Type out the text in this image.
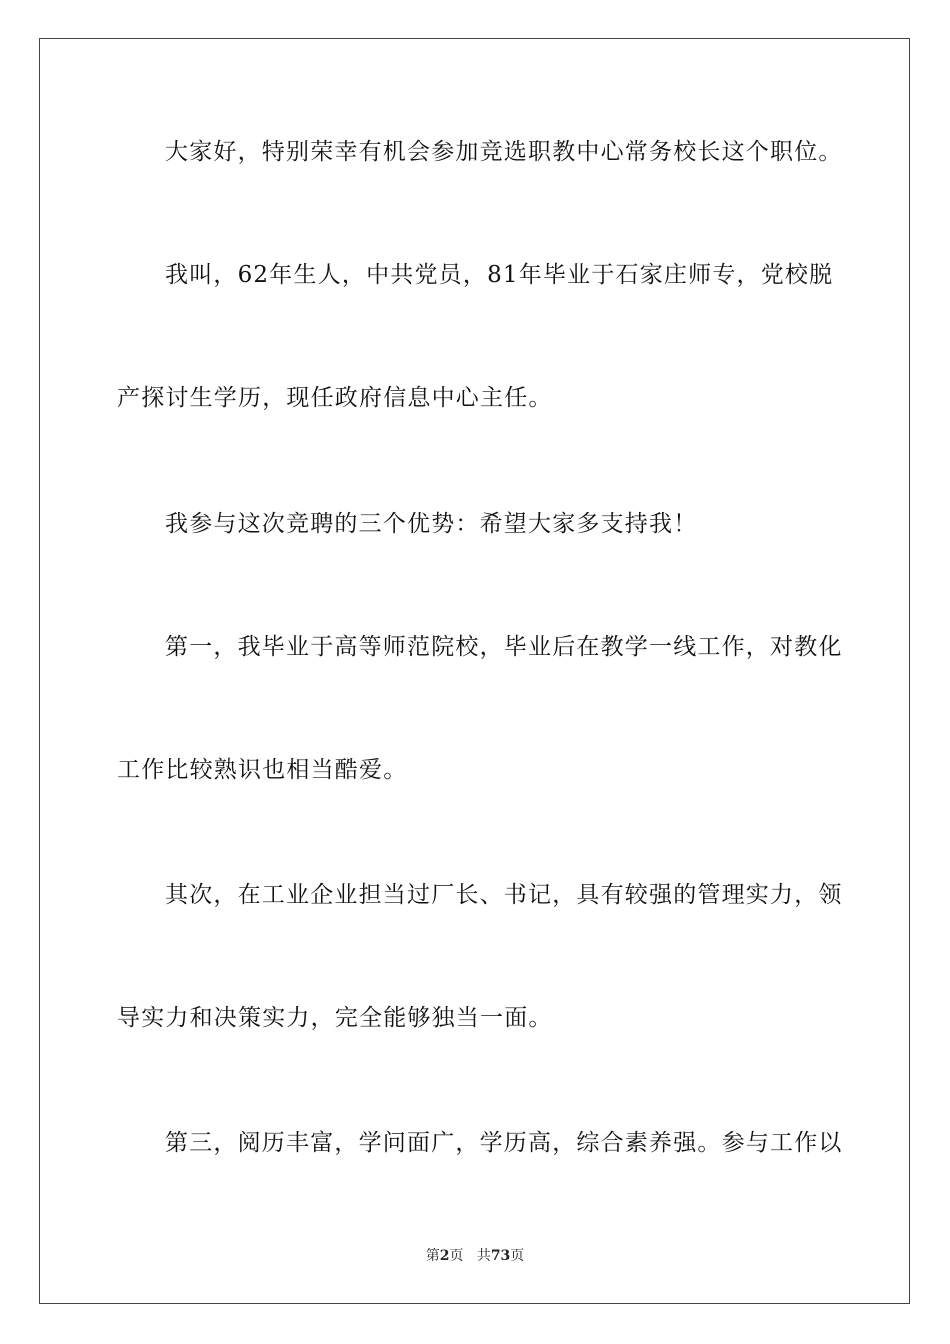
大家好，特别荣幸有机会参加竞选职教中心常务校长这个职位。
我叫，62年生人，中共党员，81年毕业于石家庄师专，党校脱
产探讨生学历，现任政府信息中心主任。
我参与这次竞聘的三个优势：希望大家多支持我！
第一，我毕业于高等师范院校，毕业后在教学一线工作，对教化
工作比较熟识也相当酷爱。
其次，在工业企业担当过厂长、书记，具有较强的管理实力，领
导实力和决策实力，完全能够独当一面。
第三，阅历丰富，学问面广，学历高，综合素养强。参与工作以
第2页 共73页
